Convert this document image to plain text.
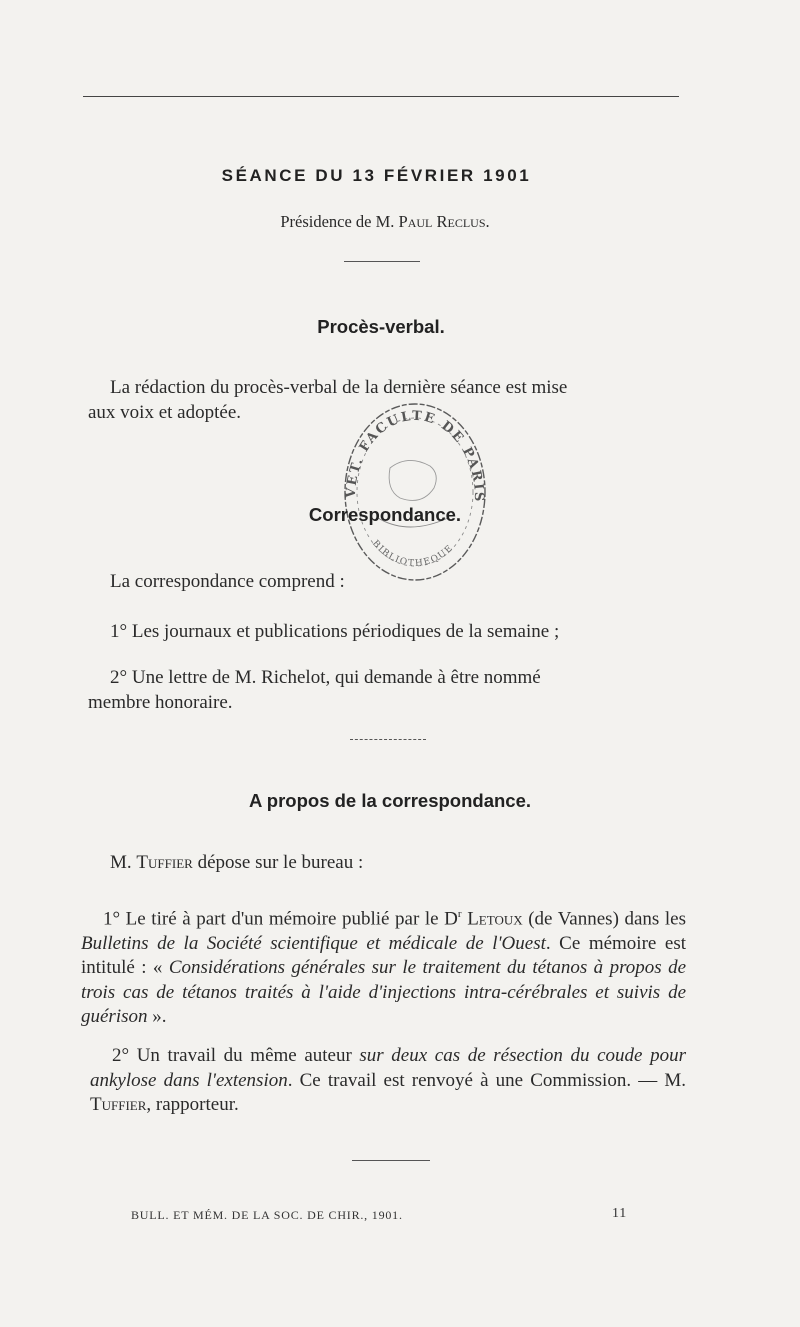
SÉANCE DU 13 FÉVRIER 1901
Présidence de M. Paul Reclus.
Procès-verbal.
La rédaction du procès-verbal de la dernière séance est mise
aux voix et adoptée.
VET. FACULTE DE PARIS
BIBLIOTHEQUE
Correspondance.
La correspondance comprend :
1° Les journaux et publications périodiques de la semaine ;
2° Une lettre de M. Richelot, qui demande à être nommé
membre honoraire.
A propos de la correspondance.
M. Tuffier dépose sur le bureau :
1° Le tiré à part d'un mémoire publié par le $D^r$ Letoux (de Vannes) dans les Bulletins de la Société scientifique et médicale de l'Ouest. Ce mémoire est intitulé : « Considérations générales sur le traitement du tétanos à propos de trois cas de tétanos traités à l'aide d'injections intra-cérébrales et suivis de guérison ».
2° Un travail du même auteur sur deux cas de résection du coude pour ankylose dans l'extension. Ce travail est renvoyé à une Commission. — M. Tuffier, rapporteur.
BULL. ET MÉM. DE LA SOC. DE CHIR., 1901.	11
